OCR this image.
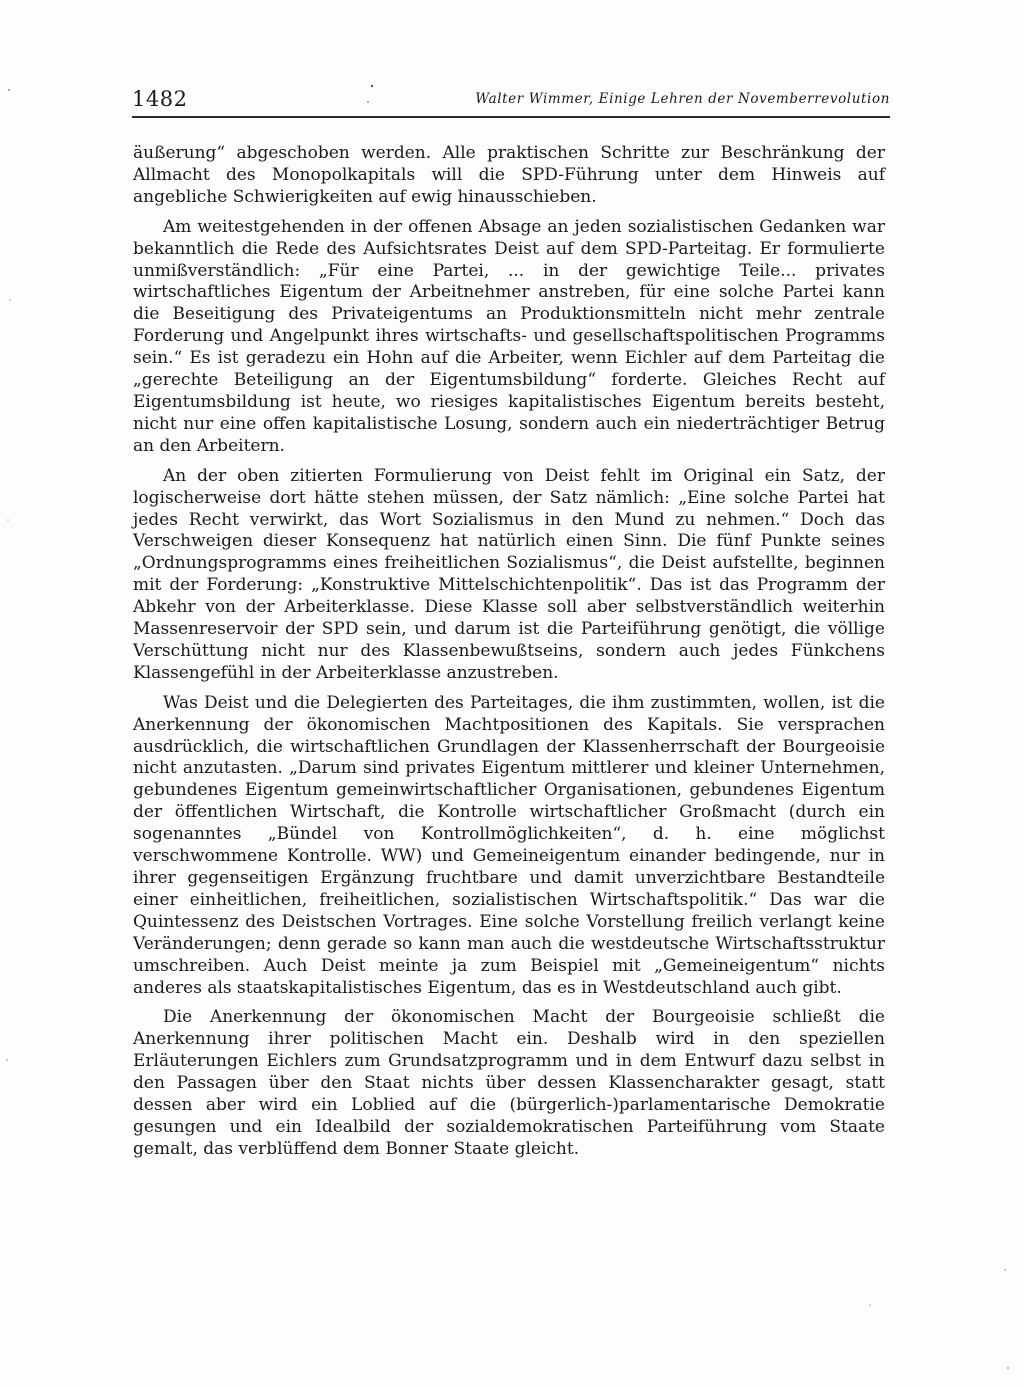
1482	Walter Wimmer, Einige Lehren der Novemberrevolution

äußerung“ abgeschoben werden. Alle praktischen Schritte zur Beschränkung der Allmacht des Monopolkapitals will die SPD-Führung unter dem Hinweis auf angebliche Schwierigkeiten auf ewig hinausschieben.

Am weitestgehenden in der offenen Absage an jeden sozialistischen Gedanken war bekanntlich die Rede des Aufsichtsrates Deist auf dem SPD-Parteitag. Er formulierte unmißverständlich: „Für eine Partei, ... in der gewichtige Teile... privates wirtschaftliches Eigentum der Arbeitnehmer anstreben, für eine solche Partei kann die Beseitigung des Privateigentums an Produktionsmitteln nicht mehr zentrale Forderung und Angelpunkt ihres wirtschafts- und gesellschaftspolitischen Programms sein.“ Es ist geradezu ein Hohn auf die Arbeiter, wenn Eichler auf dem Parteitag die „gerechte Beteiligung an der Eigentumsbildung“ forderte. Gleiches Recht auf Eigentumsbildung ist heute, wo riesiges kapitalistisches Eigentum bereits besteht, nicht nur eine offen kapitalistische Losung, sondern auch ein niederträchtiger Betrug an den Arbeitern.

An der oben zitierten Formulierung von Deist fehlt im Original ein Satz, der logischerweise dort hätte stehen müssen, der Satz nämlich: „Eine solche Partei hat jedes Recht verwirkt, das Wort Sozialismus in den Mund zu nehmen.“ Doch das Verschweigen dieser Konsequenz hat natürlich einen Sinn. Die fünf Punkte seines „Ordnungsprogramms eines freiheitlichen Sozialismus“, die Deist aufstellte, beginnen mit der Forderung: „Konstruktive Mittelschichtenpolitik“. Das ist das Programm der Abkehr von der Arbeiterklasse. Diese Klasse soll aber selbstverständlich weiterhin Massenreservoir der SPD sein, und darum ist die Parteiführung genötigt, die völlige Verschüttung nicht nur des Klassenbewußtseins, sondern auch jedes Fünkchens Klassengefühl in der Arbeiterklasse anzustreben.

Was Deist und die Delegierten des Parteitages, die ihm zustimmten, wollen, ist die Anerkennung der ökonomischen Machtpositionen des Kapitals. Sie versprachen ausdrücklich, die wirtschaftlichen Grundlagen der Klassenherrschaft der Bourgeoisie nicht anzutasten. „Darum sind privates Eigentum mittlerer und kleiner Unternehmen, gebundenes Eigentum gemeinwirtschaftlicher Organisationen, gebundenes Eigentum der öffentlichen Wirtschaft, die Kontrolle wirtschaftlicher Großmacht (durch ein sogenanntes „Bündel von Kontrollmöglichkeiten“, d. h. eine möglichst verschwommene Kontrolle. WW) und Gemeineigentum einander bedingende, nur in ihrer gegenseitigen Ergänzung fruchtbare und damit unverzichtbare Bestandteile einer einheitlichen, freiheitlichen, sozialistischen Wirtschaftspolitik.“ Das war die Quintessenz des Deistschen Vortrages. Eine solche Vorstellung freilich verlangt keine Veränderungen; denn gerade so kann man auch die westdeutsche Wirtschaftsstruktur umschreiben. Auch Deist meinte ja zum Beispiel mit „Gemeineigentum“ nichts anderes als staatskapitalistisches Eigentum, das es in Westdeutschland auch gibt.

Die Anerkennung der ökonomischen Macht der Bourgeoisie schließt die Anerkennung ihrer politischen Macht ein. Deshalb wird in den speziellen Erläuterungen Eichlers zum Grundsatzprogramm und in dem Entwurf dazu selbst in den Passagen über den Staat nichts über dessen Klassencharakter gesagt, statt dessen aber wird ein Loblied auf die (bürgerlich-)parlamentarische Demokratie gesungen und ein Idealbild der sozialdemokratischen Parteiführung vom Staate gemalt, das verblüffend dem Bonner Staate gleicht.
